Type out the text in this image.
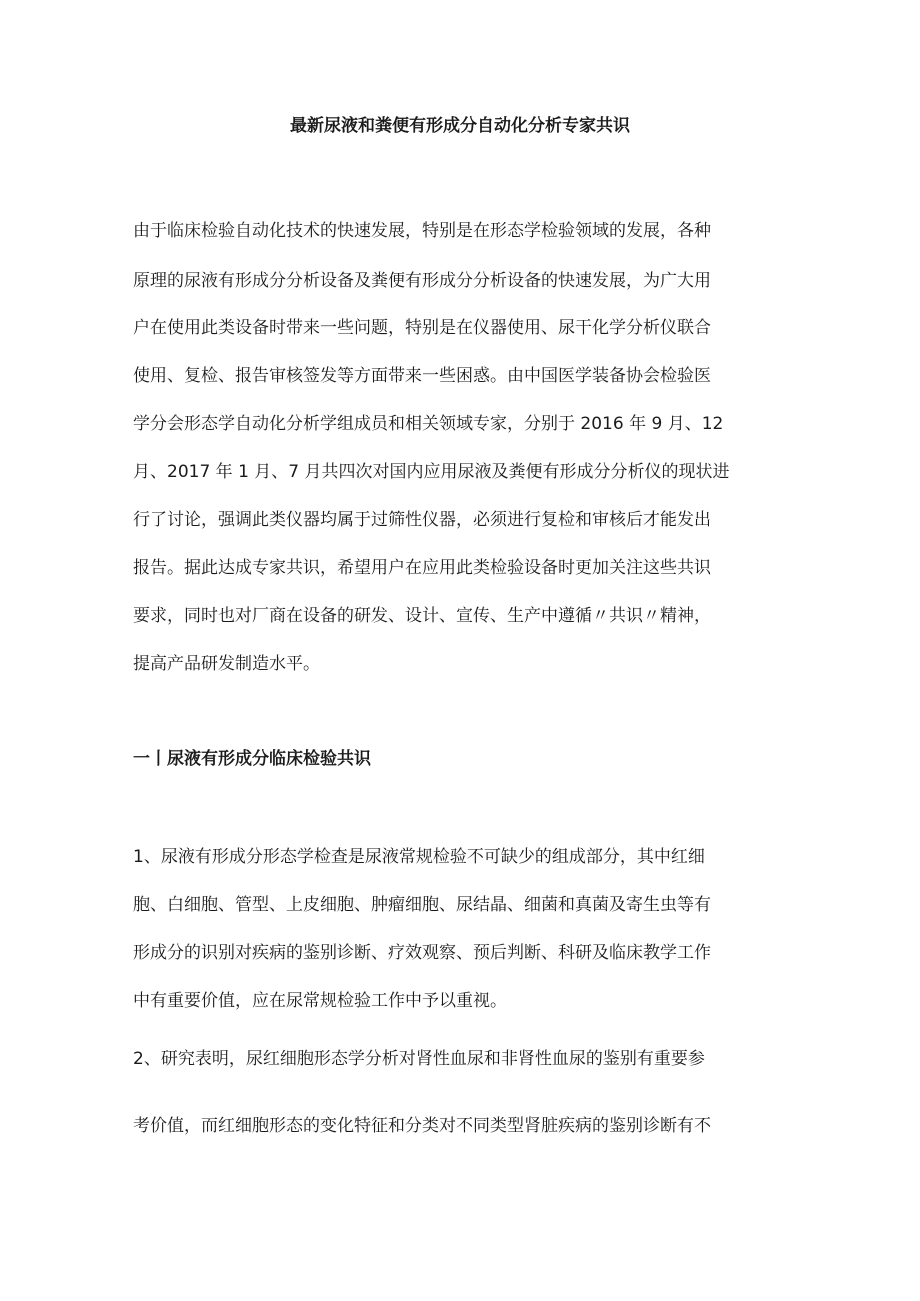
最新尿液和粪便有形成分自动化分析专家共识

由于临床检验自动化技术的快速发展，特别是在形态学检验领域的发展，各种

原理的尿液有形成分分析设备及粪便有形成分分析设备的快速发展，为广大用

户在使用此类设备时带来一些问题，特别是在仪器使用、尿干化学分析仪联合

使用、复检、报告审核签发等方面带来一些困惑。由中国医学装备协会检验医

学分会形态学自动化分析学组成员和相关领域专家，分别于 2016 年 9 月、12

月、2017 年 1 月、7 月共四次对国内应用尿液及粪便有形成分分析仪的现状进

行了讨论，强调此类仪器均属于过筛性仪器，必须进行复检和审核后才能发出

报告。据此达成专家共识，希望用户在应用此类检验设备时更加关注这些共识

要求，同时也对厂商在设备的研发、设计、宣传、生产中遵循〃共识〃精神，

提高产品研发制造水平。

一丨尿液有形成分临床检验共识

1、尿液有形成分形态学检查是尿液常规检验不可缺少的组成部分，其中红细

胞、白细胞、管型、上皮细胞、肿瘤细胞、尿结晶、细菌和真菌及寄生虫等有

形成分的识别对疾病的鉴别诊断、疗效观察、预后判断、科研及临床教学工作

中有重要价值，应在尿常规检验工作中予以重视。

2、研究表明，尿红细胞形态学分析对肾性血尿和非肾性血尿的鉴别有重要参

考价值，而红细胞形态的变化特征和分类对不同类型肾脏疾病的鉴别诊断有不
